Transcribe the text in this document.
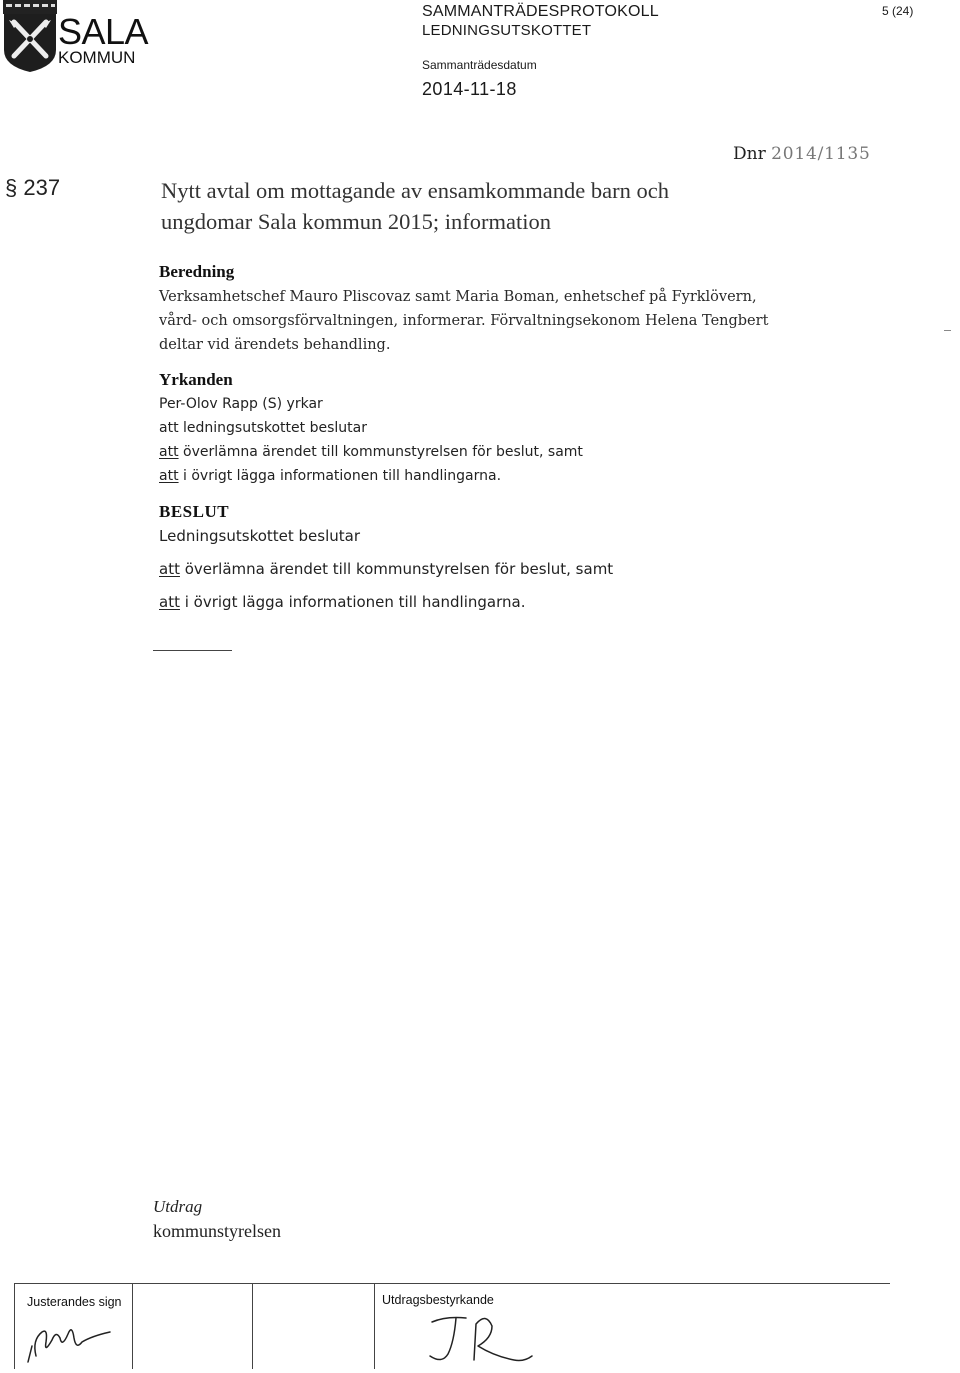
SALA
KOMMUN
SAMMANTRÄDESPROTOKOLL
LEDNINGSUTSKOTTET
Sammanträdesdatum
2014-11-18
5 (24)
Dnr 2014/1135
§ 237	Nytt avtal om mottagande av ensamkommande barn och
ungdomar Sala kommun 2015; information
Beredning
Verksamhetschef Mauro Pliscovaz samt Maria Boman, enhetschef på Fyrklövern,
vård- och omsorgsförvaltningen, informerar. Förvaltningsekonom Helena Tengbert
deltar vid ärendets behandling.
Yrkanden
Per-Olov Rapp (S) yrkar
att ledningsutskottet beslutar
att överlämna ärendet till kommunstyrelsen för beslut, samt
att i övrigt lägga informationen till handlingarna.
BESLUT
Ledningsutskottet beslutar
att överlämna ärendet till kommunstyrelsen för beslut, samt
att i övrigt lägga informationen till handlingarna.
Utdrag
kommunstyrelsen
Justerandes sign	Utdragsbestyrkande
